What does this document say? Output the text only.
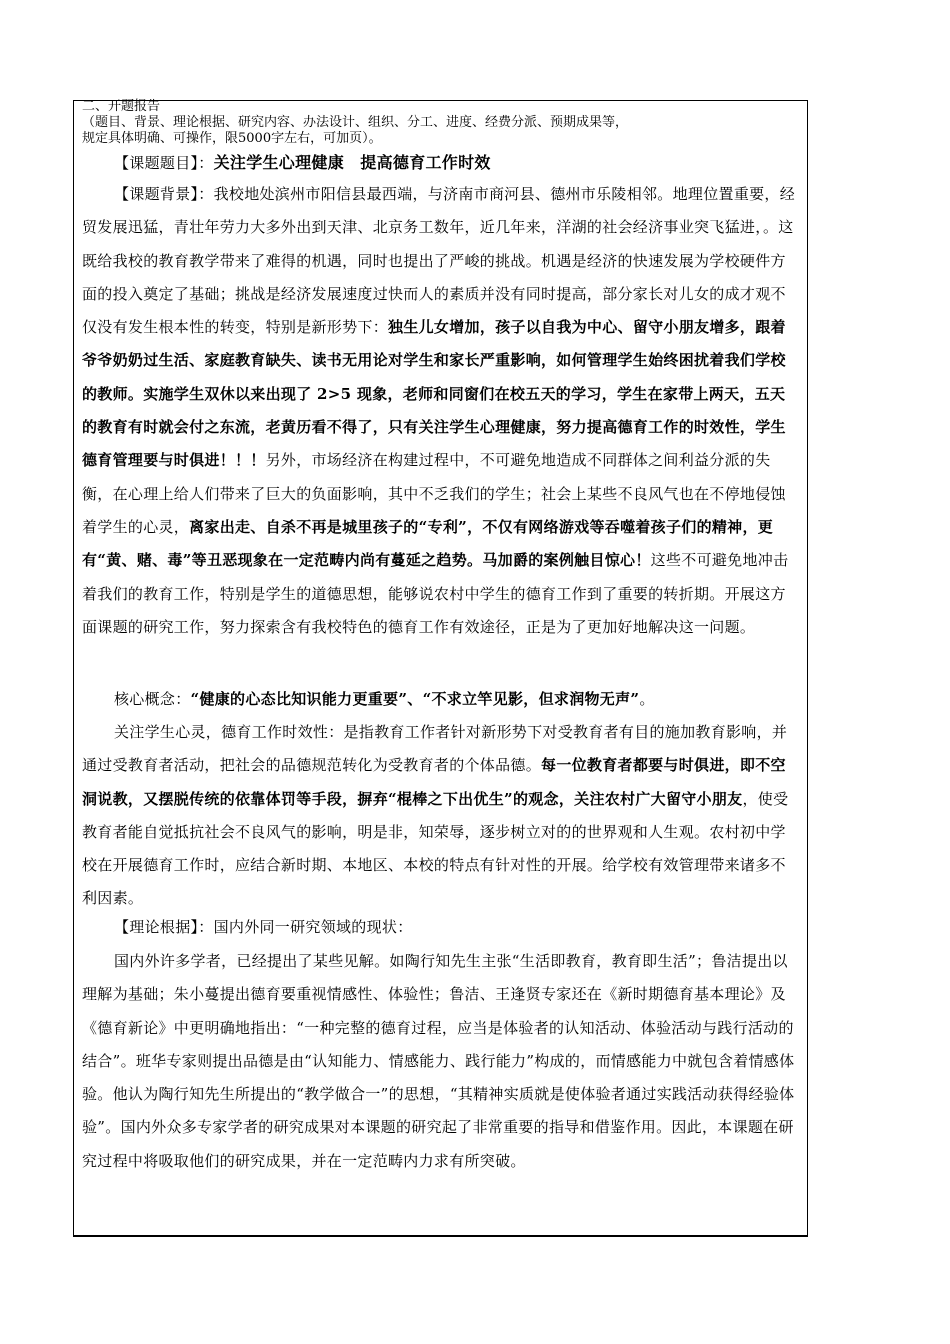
二、开题报告
（题目、背景、理论根据、研究内容、办法设计、组织、分工、进度、经费分派、预期成果等，
规定具体明确、可操作，限5000字左右，可加页）。
【课题题目】：关注学生心理健康　提高德育工作时效
【课题背景】：我校地处滨州市阳信县最西端，与济南市商河县、德州市乐陵相邻。地理位置重要，经贸发展迅猛，青壮年劳力大多外出到天津、北京务工数年，近几年来，洋湖的社会经济事业突飞猛进，。这既给我校的教育教学带来了难得的机遇，同时也提出了严峻的挑战。机遇是经济的快速发展为学校硬件方面的投入奠定了基础；挑战是经济发展速度过快而人的素质并没有同时提高，部分家长对儿女的成才观不仅没有发生根本性的转变，特别是新形势下：独生儿女增加，孩子以自我为中心、留守小朋友增多，跟着爷爷奶奶过生活、家庭教育缺失、读书无用论对学生和家长严重影响，如何管理学生始终困扰着我们学校的教师。实施学生双休以来出现了 2>5 现象，老师和同窗们在校五天的学习，学生在家带上两天，五天的教育有时就会付之东流，老黄历看不得了，只有关注学生心理健康，努力提高德育工作的时效性，学生德育管理要与时俱进！！！另外，市场经济在构建过程中，不可避免地造成不同群体之间利益分派的失衡，在心理上给人们带来了巨大的负面影响，其中不乏我们的学生；社会上某些不良风气也在不停地侵蚀着学生的心灵，离家出走、自杀不再是城里孩子的“专利”，不仅有网络游戏等吞噬着孩子们的精神，更有“黄、赌、毒”等丑恶现象在一定范畴内尚有蔓延之趋势。马加爵的案例触目惊心！这些不可避免地冲击着我们的教育工作，特别是学生的道德思想，能够说农村中学生的德育工作到了重要的转折期。开展这方面课题的研究工作，努力探索含有我校特色的德育工作有效途径，正是为了更加好地解决这一问题。
核心概念：“健康的心态比知识能力更重要”、“不求立竿见影，但求润物无声”。
关注学生心灵，德育工作时效性：是指教育工作者针对新形势下对受教育者有目的施加教育影响，并通过受教育者活动，把社会的品德规范转化为受教育者的个体品德。每一位教育者都要与时俱进，即不空洞说教，又摆脱传统的依靠体罚等手段，摒弃“棍棒之下出优生”的观念，关注农村广大留守小朋友，使受教育者能自觉抵抗社会不良风气的影响，明是非，知荣辱，逐步树立对的的世界观和人生观。农村初中学校在开展德育工作时，应结合新时期、本地区、本校的特点有针对性的开展。给学校有效管理带来诸多不利因素。
【理论根据】：国内外同一研究领域的现状：
国内外许多学者，已经提出了某些见解。如陶行知先生主张“生活即教育，教育即生活”；鲁洁提出以理解为基础；朱小蔓提出德育要重视情感性、体验性；鲁洁、王逢贤专家还在《新时期德育基本理论》及《德育新论》中更明确地指出：“一种完整的德育过程，应当是体验者的认知活动、体验活动与践行活动的结合”。班华专家则提出品德是由“认知能力、情感能力、践行能力”构成的，而情感能力中就包含着情感体验。他认为陶行知先生所提出的“教学做合一”的思想，“其精神实质就是使体验者通过实践活动获得经验体验”。国内外众多专家学者的研究成果对本课题的研究起了非常重要的指导和借鉴作用。因此，本课题在研究过程中将吸取他们的研究成果，并在一定范畴内力求有所突破。
